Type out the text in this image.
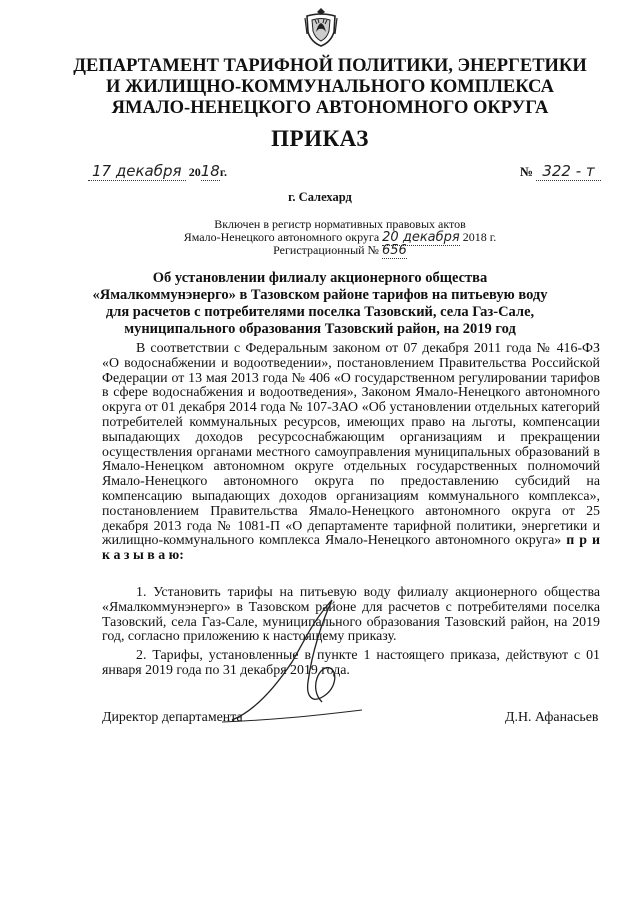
ДЕПАРТАМЕНТ ТАРИФНОЙ ПОЛИТИКИ, ЭНЕРГЕТИКИ
И ЖИЛИЩНО-КОММУНАЛЬНОГО КОМПЛЕКСА
ЯМАЛО-НЕНЕЦКОГО АВТОНОМНОГО ОКРУГА
ПРИКАЗ
17 декабря 2018г.	№ 322 - т
г. Салехард
Включен в регистр нормативных правовых актов
Ямало-Ненецкого автономного округа 20 декабря 2018 г.
Регистрационный № 656
Об установлении филиалу акционерного общества «Ямалкоммунэнерго» в Тазовском районе тарифов на питьевую воду для расчетов с потребителями поселка Тазовский, села Газ-Сале, муниципального образования Тазовский район, на 2019 год

В соответствии с Федеральным законом от 07 декабря 2011 года № 416-ФЗ «О водоснабжении и водоотведении», постановлением Правительства Российской Федерации от 13 мая 2013 года № 406 «О государственном регулировании тарифов в сфере водоснабжения и водоотведения», Законом Ямало-Ненецкого автономного округа от 01 декабря 2014 года № 107-ЗАО «Об установлении отдельных категорий потребителей коммунальных ресурсов, имеющих право на льготы, компенсации выпадающих доходов ресурсоснабжающим организациям и прекращении осуществления органами местного самоуправления муниципальных образований в Ямало-Ненецком автономном округе отдельных государственных полномочий Ямало-Ненецкого автономного округа по предоставлению субсидий на компенсацию выпадающих доходов организациям коммунального комплекса», постановлением Правительства Ямало-Ненецкого автономного округа от 25 декабря 2013 года № 1081-П «О департаменте тарифной политики, энергетики и жилищно-коммунального комплекса Ямало-Ненецкого автономного округа» п р и к а з ы в а ю:

1. Установить тарифы на питьевую воду филиалу акционерного общества «Ямалкоммунэнерго» в Тазовском районе для расчетов с потребителями поселка Тазовский, села Газ-Сале, муниципального образования Тазовский район, на 2019 год, согласно приложению к настоящему приказу.

2. Тарифы, установленные в пункте 1 настоящего приказа, действуют с 01 января 2019 года по 31 декабря 2019 года.

Директор департамента	Д.Н. Афанасьев
